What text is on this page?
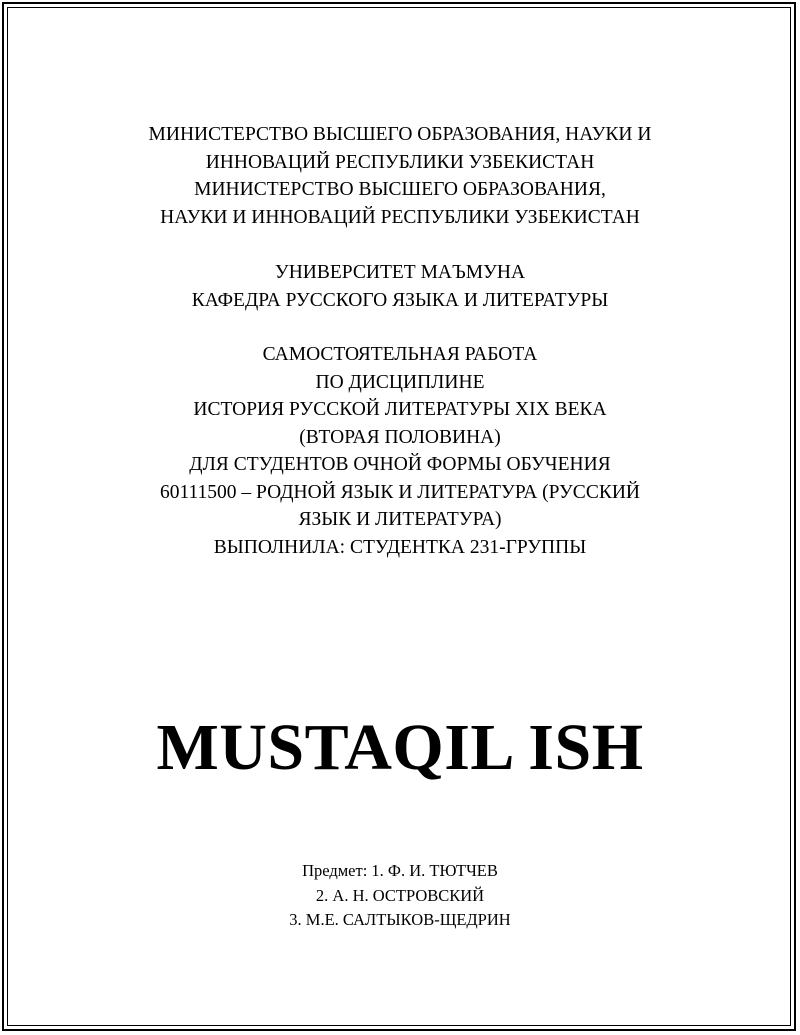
МИНИСТЕРСТВО ВЫСШЕГО ОБРАЗОВАНИЯ, НАУКИ И
ИННОВАЦИЙ РЕСПУБЛИКИ УЗБЕКИСТАН
МИНИСТЕРСТВО ВЫСШЕГО ОБРАЗОВАНИЯ,
НАУКИ И ИННОВАЦИЙ РЕСПУБЛИКИ УЗБЕКИСТАН
УНИВЕРСИТЕТ МАЪМУНА
КАФЕДРА РУССКОГО ЯЗЫКА И ЛИТЕРАТУРЫ
САМОСТОЯТЕЛЬНАЯ РАБОТА
ПО ДИСЦИПЛИНЕ
ИСТОРИЯ РУССКОЙ ЛИТЕРАТУРЫ XIX ВЕКА
(ВТОРАЯ ПОЛОВИНА)
ДЛЯ СТУДЕНТОВ ОЧНОЙ ФОРМЫ ОБУЧЕНИЯ
60111500 – РОДНОЙ ЯЗЫК И ЛИТЕРАТУРА (РУССКИЙ
ЯЗЫК И ЛИТЕРАТУРА)
ВЫПОЛНИЛА: СТУДЕНТКА 231-ГРУППЫ
MUSTAQIL ISH
Предмет: 1. Ф. И. ТЮТЧЕВ
2. А. Н. ОСТРОВСКИЙ
3. М.Е. САЛТЫКОВ-ЩЕДРИН
